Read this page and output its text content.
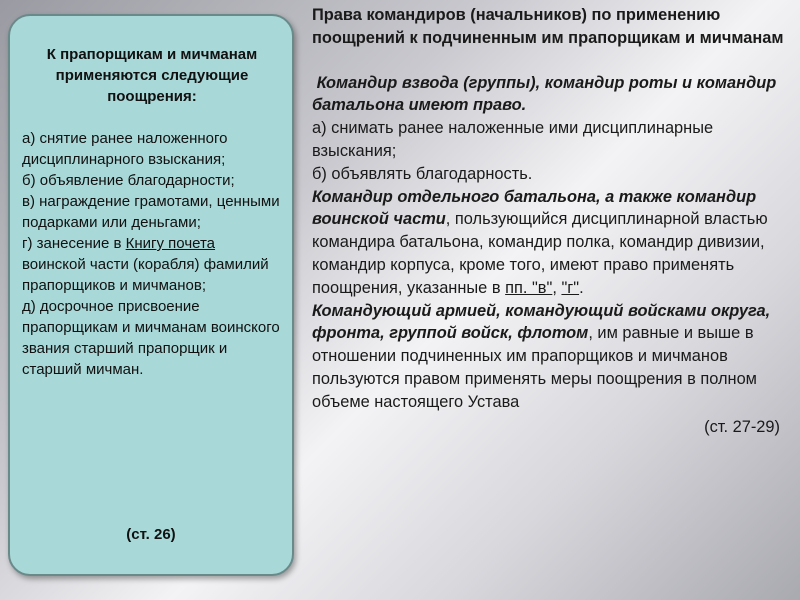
К прапорщикам и мичманам применяются следующие поощрения:
а) снятие ранее наложенного дисциплинарного взыскания;
б) объявление благодарности;
в) награждение грамотами, ценными подарками или деньгами;
г) занесение в Книгу почета воинской части (корабля) фамилий прапорщиков и мичманов;
д) досрочное присвоение прапорщикам и мичманам воинского звания старший прапорщик и старший мичман.
(ст. 26)
Права командиров (начальников) по применению поощрений к подчиненным им прапорщикам и мичманам
Командир взвода (группы), командир роты и командир батальона имеют право.
а) снимать ранее наложенные ими дисциплинарные взыскания;
б) объявлять благодарность.
Командир отдельного батальона, а также командир воинской части, пользующийся дисциплинарной властью командира батальона, командир полка, командир дивизии, командир корпуса, кроме того, имеют право применять поощрения, указанные в пп. "в", "г".
Командующий армией, командующий войсками округа, фронта, группой войск, флотом, им равные и выше в отношении подчиненных им прапорщиков и мичманов пользуются правом применять меры поощрения в полном объеме настоящего Устава
(ст. 27-29)
